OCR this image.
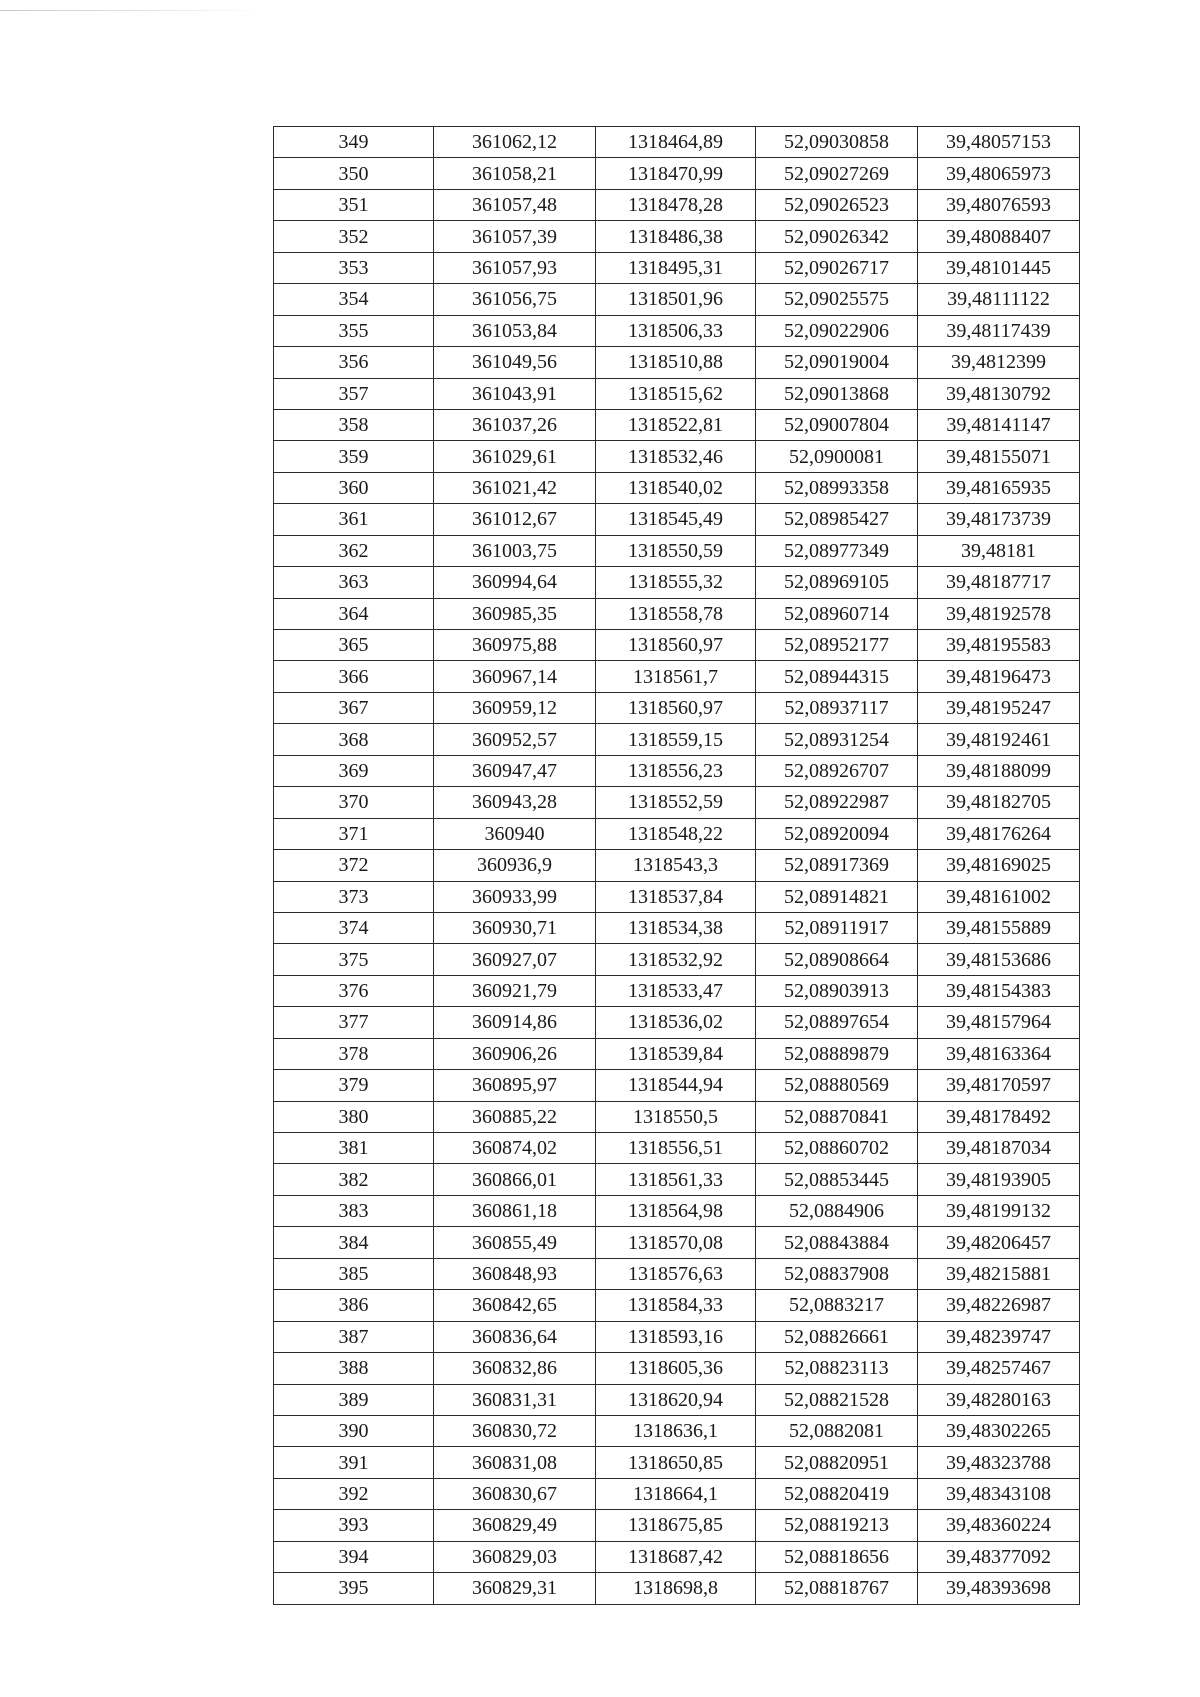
349	361062,12	1318464,89	52,09030858	39,48057153
350	361058,21	1318470,99	52,09027269	39,48065973
351	361057,48	1318478,28	52,09026523	39,48076593
352	361057,39	1318486,38	52,09026342	39,48088407
353	361057,93	1318495,31	52,09026717	39,48101445
354	361056,75	1318501,96	52,09025575	39,48111122
355	361053,84	1318506,33	52,09022906	39,48117439
356	361049,56	1318510,88	52,09019004	39,4812399
357	361043,91	1318515,62	52,09013868	39,48130792
358	361037,26	1318522,81	52,09007804	39,48141147
359	361029,61	1318532,46	52,0900081	39,48155071
360	361021,42	1318540,02	52,08993358	39,48165935
361	361012,67	1318545,49	52,08985427	39,48173739
362	361003,75	1318550,59	52,08977349	39,48181
363	360994,64	1318555,32	52,08969105	39,48187717
364	360985,35	1318558,78	52,08960714	39,48192578
365	360975,88	1318560,97	52,08952177	39,48195583
366	360967,14	1318561,7	52,08944315	39,48196473
367	360959,12	1318560,97	52,08937117	39,48195247
368	360952,57	1318559,15	52,08931254	39,48192461
369	360947,47	1318556,23	52,08926707	39,48188099
370	360943,28	1318552,59	52,08922987	39,48182705
371	360940	1318548,22	52,08920094	39,48176264
372	360936,9	1318543,3	52,08917369	39,48169025
373	360933,99	1318537,84	52,08914821	39,48161002
374	360930,71	1318534,38	52,08911917	39,48155889
375	360927,07	1318532,92	52,08908664	39,48153686
376	360921,79	1318533,47	52,08903913	39,48154383
377	360914,86	1318536,02	52,08897654	39,48157964
378	360906,26	1318539,84	52,08889879	39,48163364
379	360895,97	1318544,94	52,08880569	39,48170597
380	360885,22	1318550,5	52,08870841	39,48178492
381	360874,02	1318556,51	52,08860702	39,48187034
382	360866,01	1318561,33	52,08853445	39,48193905
383	360861,18	1318564,98	52,0884906	39,48199132
384	360855,49	1318570,08	52,08843884	39,48206457
385	360848,93	1318576,63	52,08837908	39,48215881
386	360842,65	1318584,33	52,0883217	39,48226987
387	360836,64	1318593,16	52,08826661	39,48239747
388	360832,86	1318605,36	52,08823113	39,48257467
389	360831,31	1318620,94	52,08821528	39,48280163
390	360830,72	1318636,1	52,0882081	39,48302265
391	360831,08	1318650,85	52,08820951	39,48323788
392	360830,67	1318664,1	52,08820419	39,48343108
393	360829,49	1318675,85	52,08819213	39,48360224
394	360829,03	1318687,42	52,08818656	39,48377092
395	360829,31	1318698,8	52,08818767	39,48393698
